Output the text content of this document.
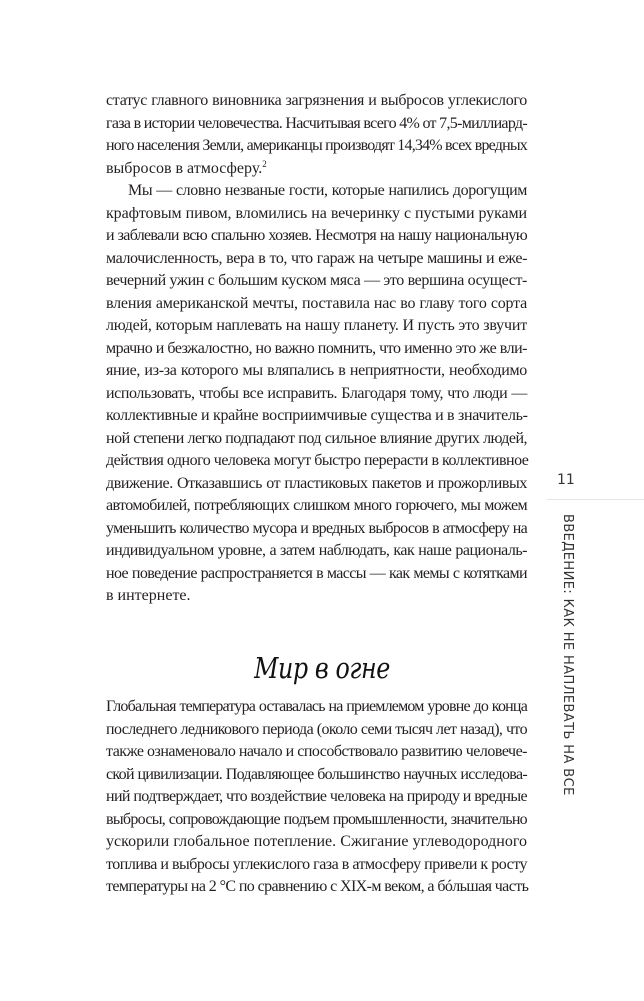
статус главного виновника загрязнения и выбросов углекислого
газа в истории человечества. Насчитывая всего 4% от 7,5-миллиард-
ного населения Земли, американцы производят 14,34% всех вредных
выбросов в атмосферу.$^2$
Мы — словно незваные гости, которые напились дорогущим
крафтовым пивом, вломились на вечеринку с пустыми руками
и заблевали всю спальню хозяев. Несмотря на нашу национальную
малочисленность, вера в то, что гараж на четыре машины и еже-
вечерний ужин с большим куском мяса — это вершина осущест-
вления американской мечты, поставила нас во главу того сорта
людей, которым наплевать на нашу планету. И пусть это звучит
мрачно и безжалостно, но важно помнить, что именно это же вли-
яние, из-за которого мы вляпались в неприятности, необходимо
использовать, чтобы все исправить. Благодаря тому, что люди —
коллективные и крайне восприимчивые существа и в значитель-
ной степени легко подпадают под сильное влияние других людей,
действия одного человека могут быстро перерасти в коллективное
движение. Отказавшись от пластиковых пакетов и прожорливых
автомобилей, потребляющих слишком много горючего, мы можем
уменьшить количество мусора и вредных выбросов в атмосферу на
индивидуальном уровне, а затем наблюдать, как наше рациональ-
ное поведение распространяется в массы — как мемы с котятками
в интернете.
Мир в огне
Глобальная температура оставалась на приемлемом уровне до конца
последнего ледникового периода (около семи тысяч лет назад), что
также ознаменовало начало и способствовало развитию человече-
ской цивилизации. Подавляющее большинство научных исследова-
ний подтверждает, что воздействие человека на природу и вредные
выбросы, сопровождающие подъем промышленности, значительно
ускорили глобальное потепление. Сжигание углеводородного
топлива и выбросы углекислого газа в атмосферу привели к росту
температуры на 2 °С по сравнению с XIX-м веком, а бóльшая часть
11
ВВЕДЕНИЕ: КАК НЕ НАПЛЕВАТЬ НА ВСЕ
